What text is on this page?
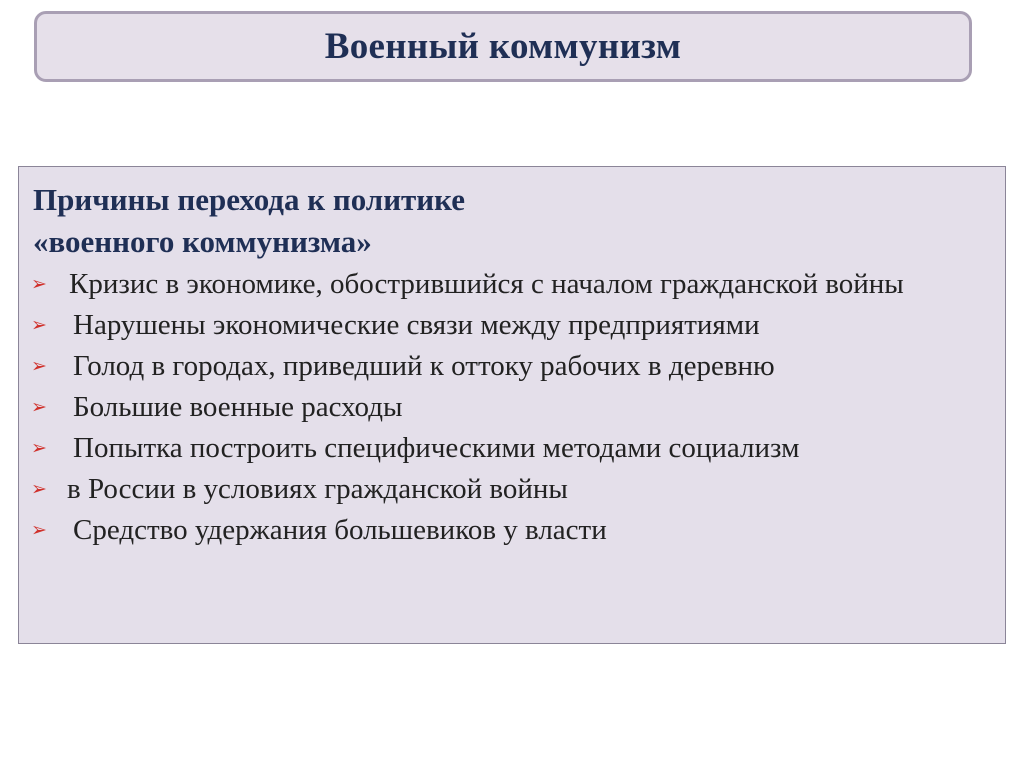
Военный коммунизм
Причины перехода к политике
«военного коммунизма»
➢ Кризис в экономике, обострившийся с началом гражданской войны
➢ Нарушены экономические связи между предприятиями
➢ Голод в городах, приведший к оттоку рабочих в деревню
➢ Большие военные расходы
➢ Попытка построить специфическими методами социализм
➢ в России в условиях гражданской войны
➢ Средство удержания большевиков у власти
